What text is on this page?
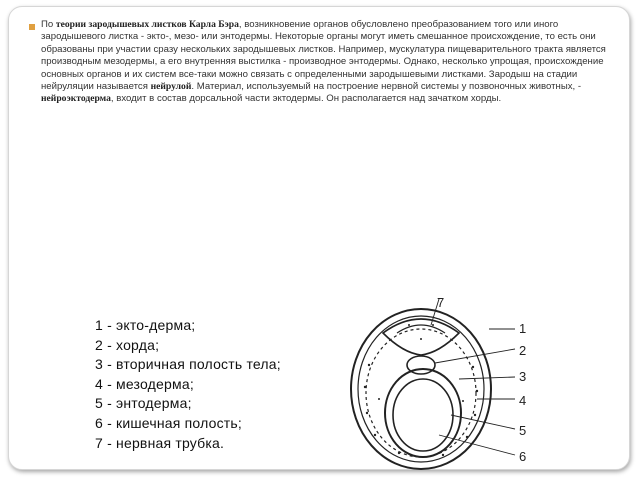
По теории зародышевых листков Карла Бэра, возникновение органов обусловлено преобразованием того или иного зародышевого листка - экто-, мезо- или энтодермы. Некоторые органы могут иметь смешанное происхождение, то есть они образованы при участии сразу нескольких зародышевых листков. Например, мускулатура пищеварительного тракта является производным мезодермы, а его внутренняя выстилка - производное энтодермы. Однако, несколько упрощая, происхождение основных органов и их систем все-таки можно связать с определенными зародышевыми листками. Зародыш на стадии нейруляции называется нейрулой. Материал, используемый на построение нервной системы у позвоночных животных, - нейроэктодерма, входит в состав дорсальной части эктодермы. Он располагается над зачатком хорды.

1 - экто-дерма;
2 - хорда;
3 - вторичная полость тела;
4 - мезодерма;
5 - энтодерма;
6 - кишечная полость;
7 - нервная трубка.
7
1
2
3
4
5
6
